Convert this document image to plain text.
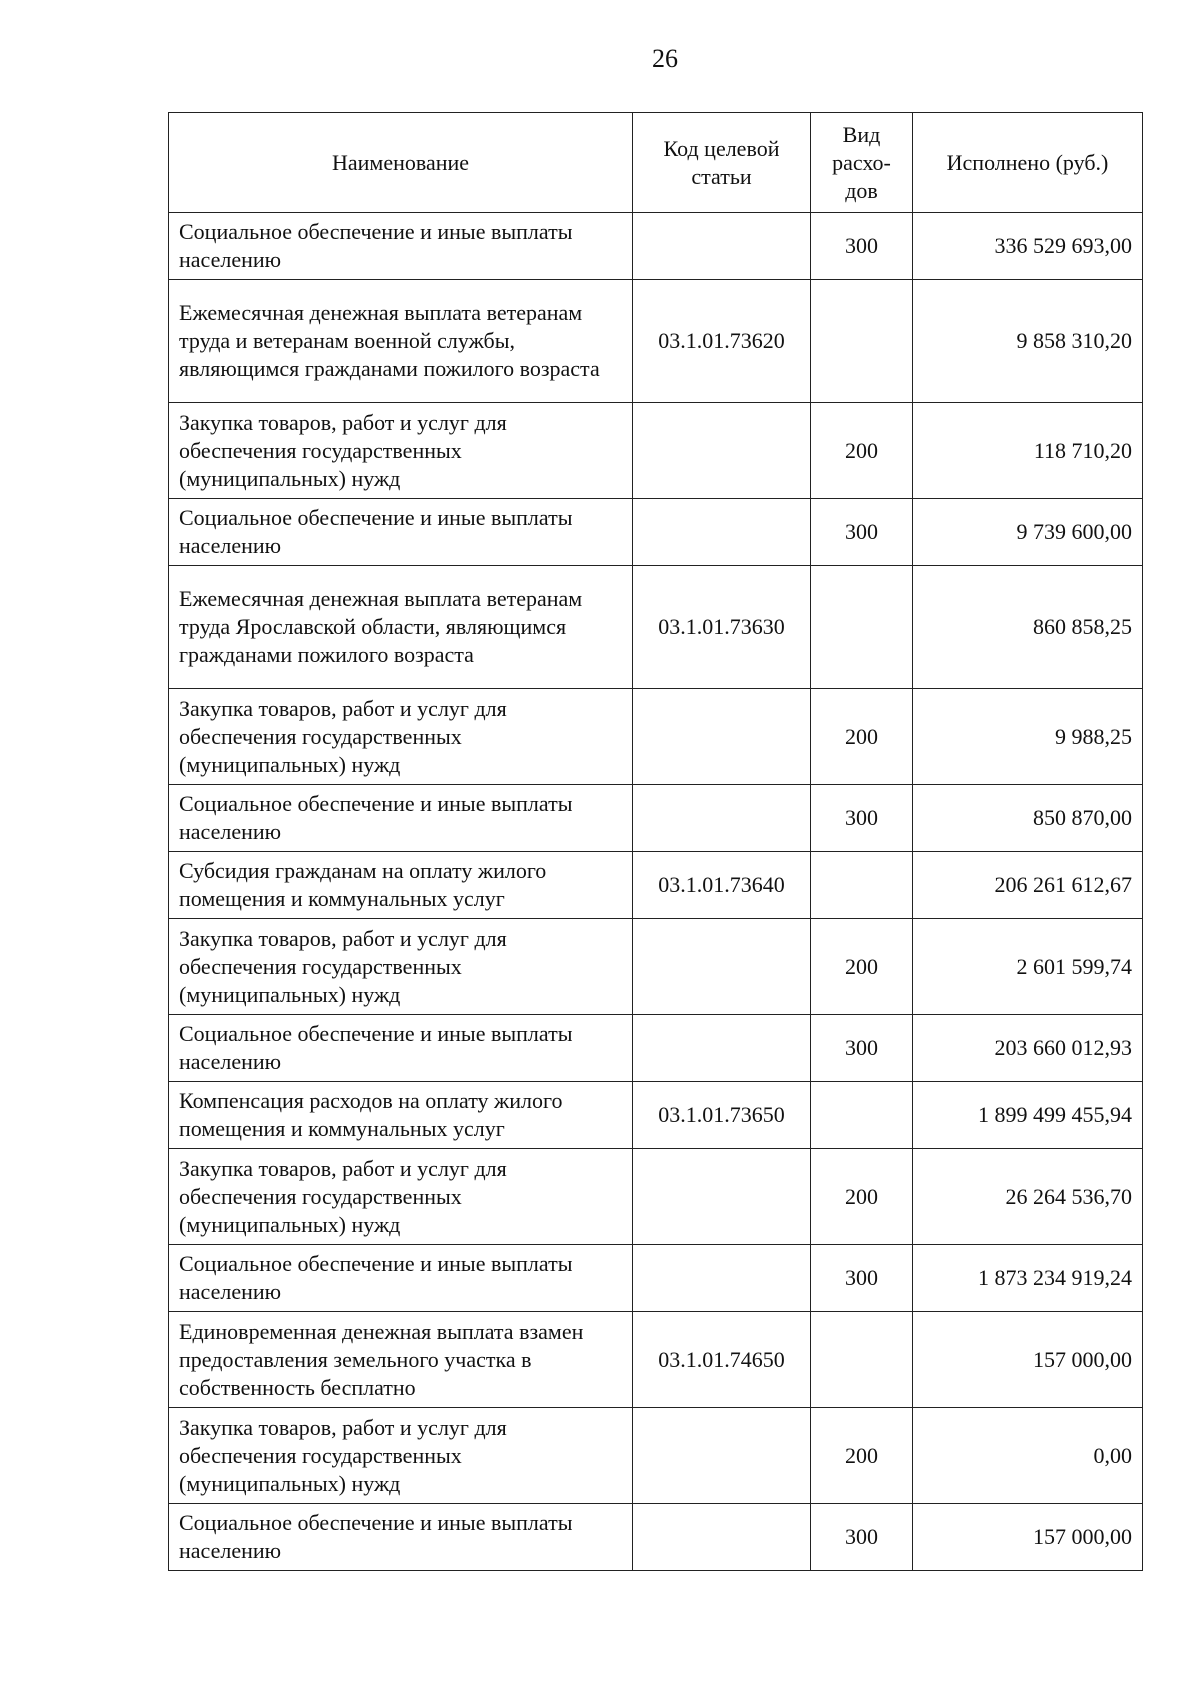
26
Наименование	Код целевой статьи	Вид расхо-дов	Исполнено (руб.)
Социальное обеспечение и иные выплаты населению		300	336 529 693,00
Ежемесячная денежная выплата ветеранам труда и ветеранам военной службы, являющимся гражданами пожилого возраста	03.1.01.73620		9 858 310,20
Закупка товаров, работ и услуг для обеспечения государственных (муниципальных) нужд		200	118 710,20
Социальное обеспечение и иные выплаты населению		300	9 739 600,00
Ежемесячная денежная выплата ветеранам труда Ярославской области, являющимся гражданами пожилого возраста	03.1.01.73630		860 858,25
Закупка товаров, работ и услуг для обеспечения государственных (муниципальных) нужд		200	9 988,25
Социальное обеспечение и иные выплаты населению		300	850 870,00
Субсидия гражданам на оплату жилого помещения и коммунальных услуг	03.1.01.73640		206 261 612,67
Закупка товаров, работ и услуг для обеспечения государственных (муниципальных) нужд		200	2 601 599,74
Социальное обеспечение и иные выплаты населению		300	203 660 012,93
Компенсация расходов на оплату жилого помещения и коммунальных услуг	03.1.01.73650		1 899 499 455,94
Закупка товаров, работ и услуг для обеспечения государственных (муниципальных) нужд		200	26 264 536,70
Социальное обеспечение и иные выплаты населению		300	1 873 234 919,24
Единовременная денежная выплата взамен предоставления земельного участка в собственность бесплатно	03.1.01.74650		157 000,00
Закупка товаров, работ и услуг для обеспечения государственных (муниципальных) нужд		200	0,00
Социальное обеспечение и иные выплаты населению		300	157 000,00
